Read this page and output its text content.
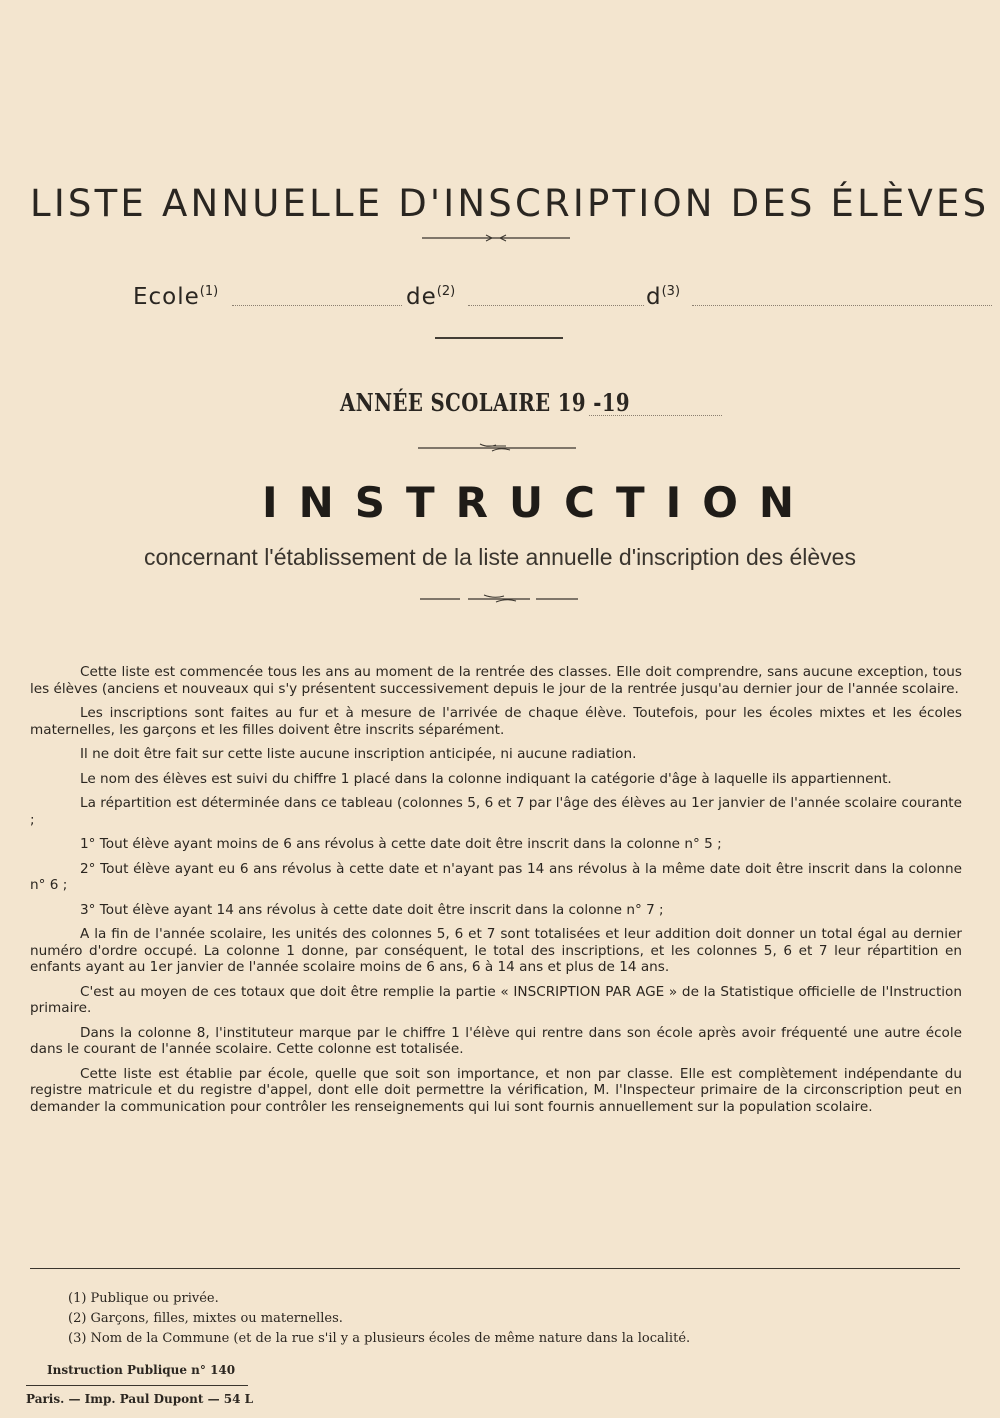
LISTE ANNUELLE D'INSCRIPTION DES ÉLÈVES
Ecole$^{(1)}$	$de^{(2)}$	$d^{(3)}$
ANNÉE SCOLAIRE 19 -19
INSTRUCTION
concernant l'établissement de la liste annuelle d'inscription des élèves

Cette liste est commencée tous les ans au moment de la rentrée des classes. Elle doit comprendre, sans aucune exception, tous les élèves (anciens et nouveaux qui s'y présentent successivement depuis le jour de la rentrée jusqu'au dernier jour de l'année scolaire.

Les inscriptions sont faites au fur et à mesure de l'arrivée de chaque élève. Toutefois, pour les écoles mixtes et les écoles maternelles, les garçons et les filles doivent être inscrits séparément.

Il ne doit être fait sur cette liste aucune inscription anticipée, ni aucune radiation.

Le nom des élèves est suivi du chiffre 1 placé dans la colonne indiquant la catégorie d'âge à laquelle ils appartiennent.

La répartition est déterminée dans ce tableau (colonnes 5, 6 et 7 par l'âge des élèves au 1er janvier de l'année scolaire courante ;

1° Tout élève ayant moins de 6 ans révolus à cette date doit être inscrit dans la colonne n° 5 ;

2° Tout élève ayant eu 6 ans révolus à cette date et n'ayant pas 14 ans révolus à la même date doit être inscrit dans la colonne n° 6 ;

3° Tout élève ayant 14 ans révolus à cette date doit être inscrit dans la colonne n° 7 ;

A la fin de l'année scolaire, les unités des colonnes 5, 6 et 7 sont totalisées et leur addition doit donner un total égal au dernier numéro d'ordre occupé. La colonne 1 donne, par conséquent, le total des inscriptions, et les colonnes 5, 6 et 7 leur répartition en enfants ayant au 1er janvier de l'année scolaire moins de 6 ans, 6 à 14 ans et plus de 14 ans.

C'est au moyen de ces totaux que doit être remplie la partie « INSCRIPTION PAR AGE » de la Statistique officielle de l'Instruction primaire.

Dans la colonne 8, l'instituteur marque par le chiffre 1 l'élève qui rentre dans son école après avoir fréquenté une autre école dans le courant de l'année scolaire. Cette colonne est totalisée.

Cette liste est établie par école, quelle que soit son importance, et non par classe. Elle est complètement indépendante du registre matricule et du registre d'appel, dont elle doit permettre la vérification, M. l'Inspecteur primaire de la circonscription peut en demander la communication pour contrôler les renseignements qui lui sont fournis annuellement sur la population scolaire.

(1) Publique ou privée.
(2) Garçons, filles, mixtes ou maternelles.
(3) Nom de la Commune (et de la rue s'il y a plusieurs écoles de même nature dans la localité.
Instruction Publique n° 140
Paris. — Imp. Paul Dupont — 54 L
